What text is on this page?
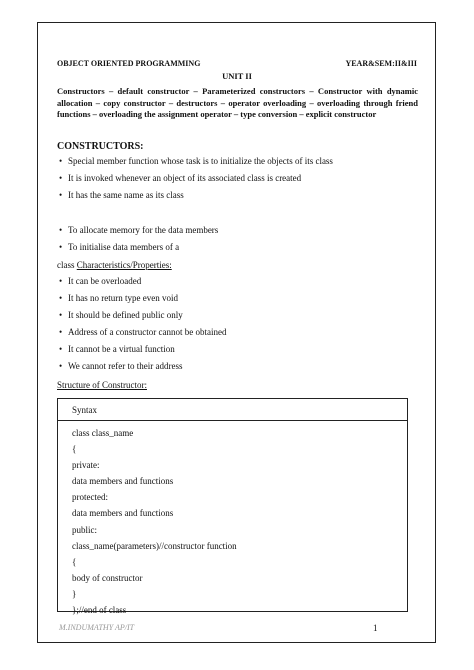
OBJECT ORIENTED PROGRAMMING	YEAR&SEM:II&III
UNIT II
Constructors – default constructor – Parameterized constructors – Constructor with dynamic allocation – copy constructor – destructors – operator overloading – overloading through friend functions – overloading the assignment operator – type conversion – explicit constructor
CONSTRUCTORS:
• Special member function whose task is to initialize the objects of its class
• It is invoked whenever an object of its associated class is created
• It has the same name as its class
• To allocate memory for the data members
• To initialise data members of a
class Characteristics/Properties:
• It can be overloaded
• It has no return type even void
• It should be defined public only
• Address of a constructor cannot be obtained
• It cannot be a virtual function
• We cannot refer to their address
Structure of Constructor:
Syntax
class class_name
{
private:
data members and functions
protected:
data members and functions
public:
class_name(parameters)//constructor function
{
body of constructor
}
};//end of class
M.INDUMATHY AP/IT	1
